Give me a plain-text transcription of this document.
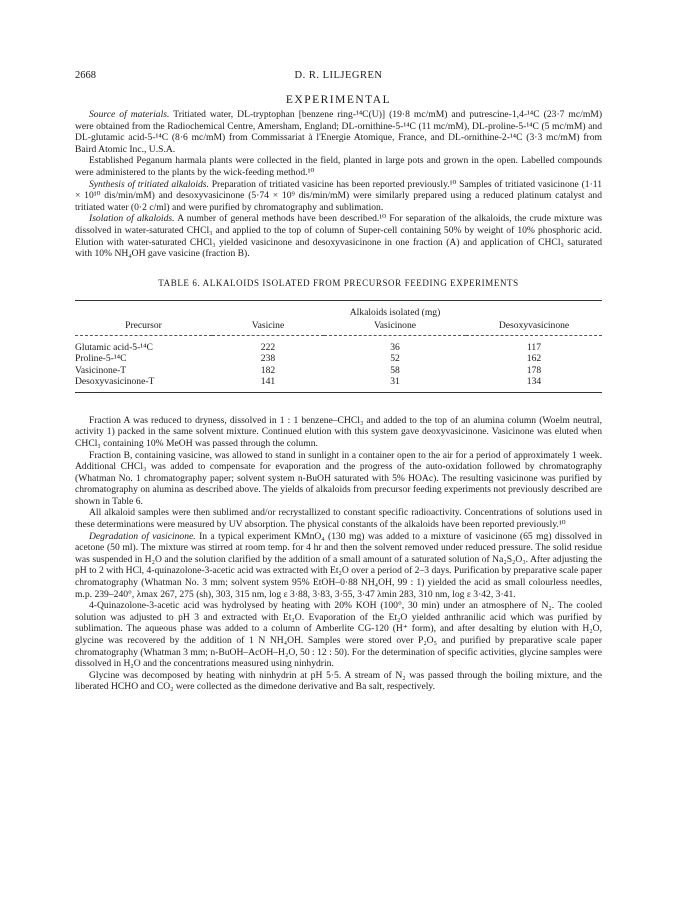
2668	D. R. LILJEGREN
EXPERIMENTAL

Source of materials. Tritiated water, DL-tryptophan [benzene ring-¹⁴C(U)] (19·8 mc/mM) and putrescine-1,4-¹⁴C (23·7 mc/mM) were obtained from the Radiochemical Centre, Amersham, England; DL-ornithine-5-¹⁴C (11 mc/mM), DL-proline-5-¹⁴C (5 mc/mM) and DL-glutamic acid-5-¹⁴C (8·6 mc/mM) from Commissariat à l'Energie Atomique, France, and DL-ornithine-2-¹⁴C (3·3 mc/mM) from Baird Atomic Inc., U.S.A.

Established Peganum harmala plants were collected in the field, planted in large pots and grown in the open. Labelled compounds were administered to the plants by the wick-feeding method.¹⁰

Synthesis of tritiated alkaloids. Preparation of tritiated vasicine has been reported previously.¹⁰ Samples of tritiated vasicinone (1·11 × 10¹⁰ dis/min/mM) and desoxyvasicinone (5·74 × 10⁹ dis/min/mM) were similarly prepared using a reduced platinum catalyst and tritiated water (0·2 c/ml) and were purified by chromatography and sublimation.

Isolation of alkaloids. A number of general methods have been described.¹⁰ For separation of the alkaloids, the crude mixture was dissolved in water-saturated CHCl₃ and applied to the top of column of Super-cell containing 50% by weight of 10% phosphoric acid. Elution with water-saturated CHCl₃ yielded vasicinone and desoxyvasicinone in one fraction (A) and application of CHCl₃ saturated with 10% NH₄OH gave vasicine (fraction B).

TABLE 6. ALKALOIDS ISOLATED FROM PRECURSOR FEEDING EXPERIMENTS
		Alkaloids isolated (mg)	
Precursor	Vasicine	Vasicinone	Desoxyvasicinone
Glutamic acid-5-¹⁴C	222	36	117
Proline-5-¹⁴C	238	52	162
Vasicinone-T	182	58	178
Desoxyvasicinone-T	141	31	134

Fraction A was reduced to dryness, dissolved in 1 : 1 benzene–CHCl₃ and added to the top of an alumina column (Woelm neutral, activity 1) packed in the same solvent mixture. Continued elution with this system gave deoxyvasicinone. Vasicinone was eluted when CHCl₃ containing 10% MeOH was passed through the column.

Fraction B, containing vasicine, was allowed to stand in sunlight in a container open to the air for a period of approximately 1 week. Additional CHCl₃ was added to compensate for evaporation and the progress of the auto-oxidation followed by chromatography (Whatman No. 1 chromatography paper; solvent system n-BuOH saturated with 5% HOAc). The resulting vasicinone was purified by chromatography on alumina as described above. The yields of alkaloids from precursor feeding experiments not previously described are shown in Table 6.

All alkaloid samples were then sublimed and/or recrystallized to constant specific radioactivity. Concentrations of solutions used in these determinations were measured by UV absorption. The physical constants of the alkaloids have been reported previously.¹⁰

Degradation of vasicinone. In a typical experiment KMnO₄ (130 mg) was added to a mixture of vasicinone (65 mg) dissolved in acetone (50 ml). The mixture was stirred at room temp. for 4 hr and then the solvent removed under reduced pressure. The solid residue was suspended in H₂O and the solution clarified by the addition of a small amount of a saturated solution of Na₂S₂O₃. After adjusting the pH to 2 with HCl, 4-quinazolone-3-acetic acid was extracted with Et₂O over a period of 2–3 days. Purification by preparative scale paper chromatography (Whatman No. 3 mm; solvent system 95% EtOH–0·88 NH₄OH, 99 : 1) yielded the acid as small colourless needles, m.p. 239–240°, λmax 267, 275 (sh), 303, 315 nm, log ε 3·88, 3·83, 3·55, 3·47 λmin 283, 310 nm, log ε 3·42, 3·41.

4-Quinazolone-3-acetic acid was hydrolysed by heating with 20% KOH (100°, 30 min) under an atmosphere of N₂. The cooled solution was adjusted to pH 3 and extracted with Et₂O. Evaporation of the Et₂O yielded anthranilic acid which was purified by sublimation. The aqueous phase was added to a column of Amberlite CG-120 (H⁺ form), and after desalting by elution with H₂O, glycine was recovered by the addition of 1 N NH₄OH. Samples were stored over P₂O₅ and purified by preparative scale paper chromatography (Whatman 3 mm; n-BuOH–AcOH–H₂O, 50 : 12 : 50). For the determination of specific activities, glycine samples were dissolved in H₂O and the concentrations measured using ninhydrin.

Glycine was decomposed by heating with ninhydrin at pH 5·5. A stream of N₂ was passed through the boiling mixture, and the liberated HCHO and CO₂ were collected as the dimedone derivative and Ba salt, respectively.
